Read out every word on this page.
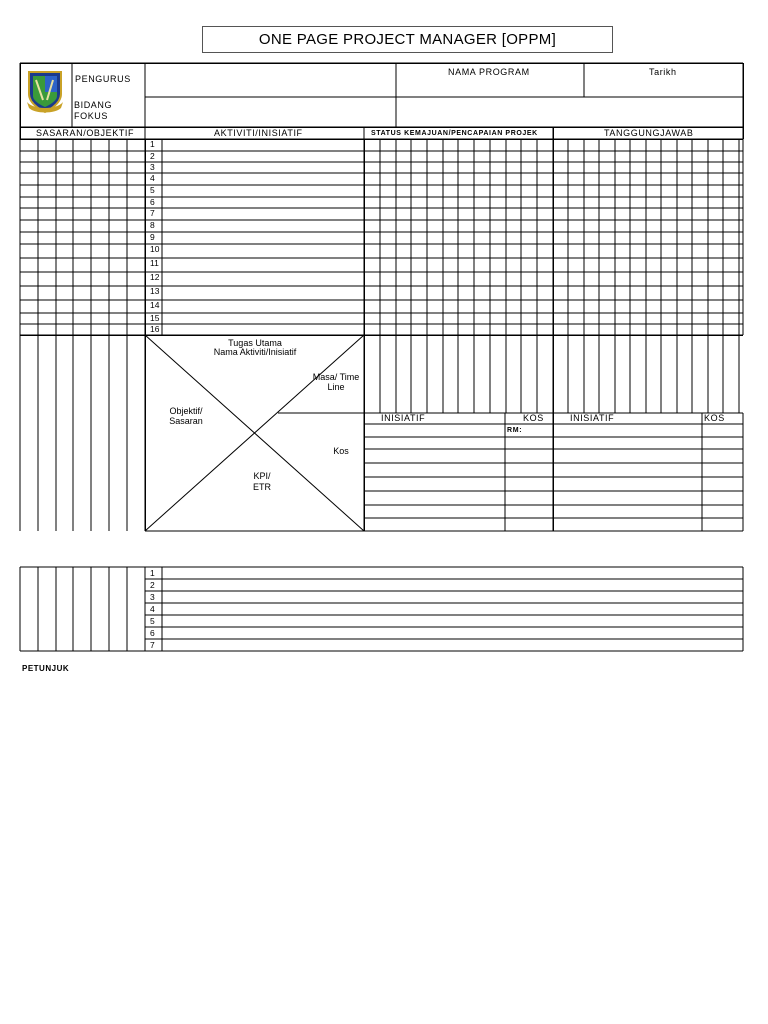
ONE PAGE PROJECT MANAGER [OPPM]
PENGURUS
BIDANG
FOKUS
NAMA PROGRAM	Tarikh
SASARAN/OBJEKTIF	AKTIVITI/INISIATIF	STATUS KEMAJUAN/PENCAPAIAN PROJEK	TANGGUNGJAWAB
1
2
3
4
5
6
7
8
9
10
11
12
13
14
15
16
Tugas Utama
Nama Aktiviti/Inisiatif
Masa/ Time
Line
Objektif/
Sasaran
Kos
KPI/
ETR
INISIATIF	KOS
RM:
INISIATIF	KOS
1
2
3
4
5
6
7
PETUNJUK
